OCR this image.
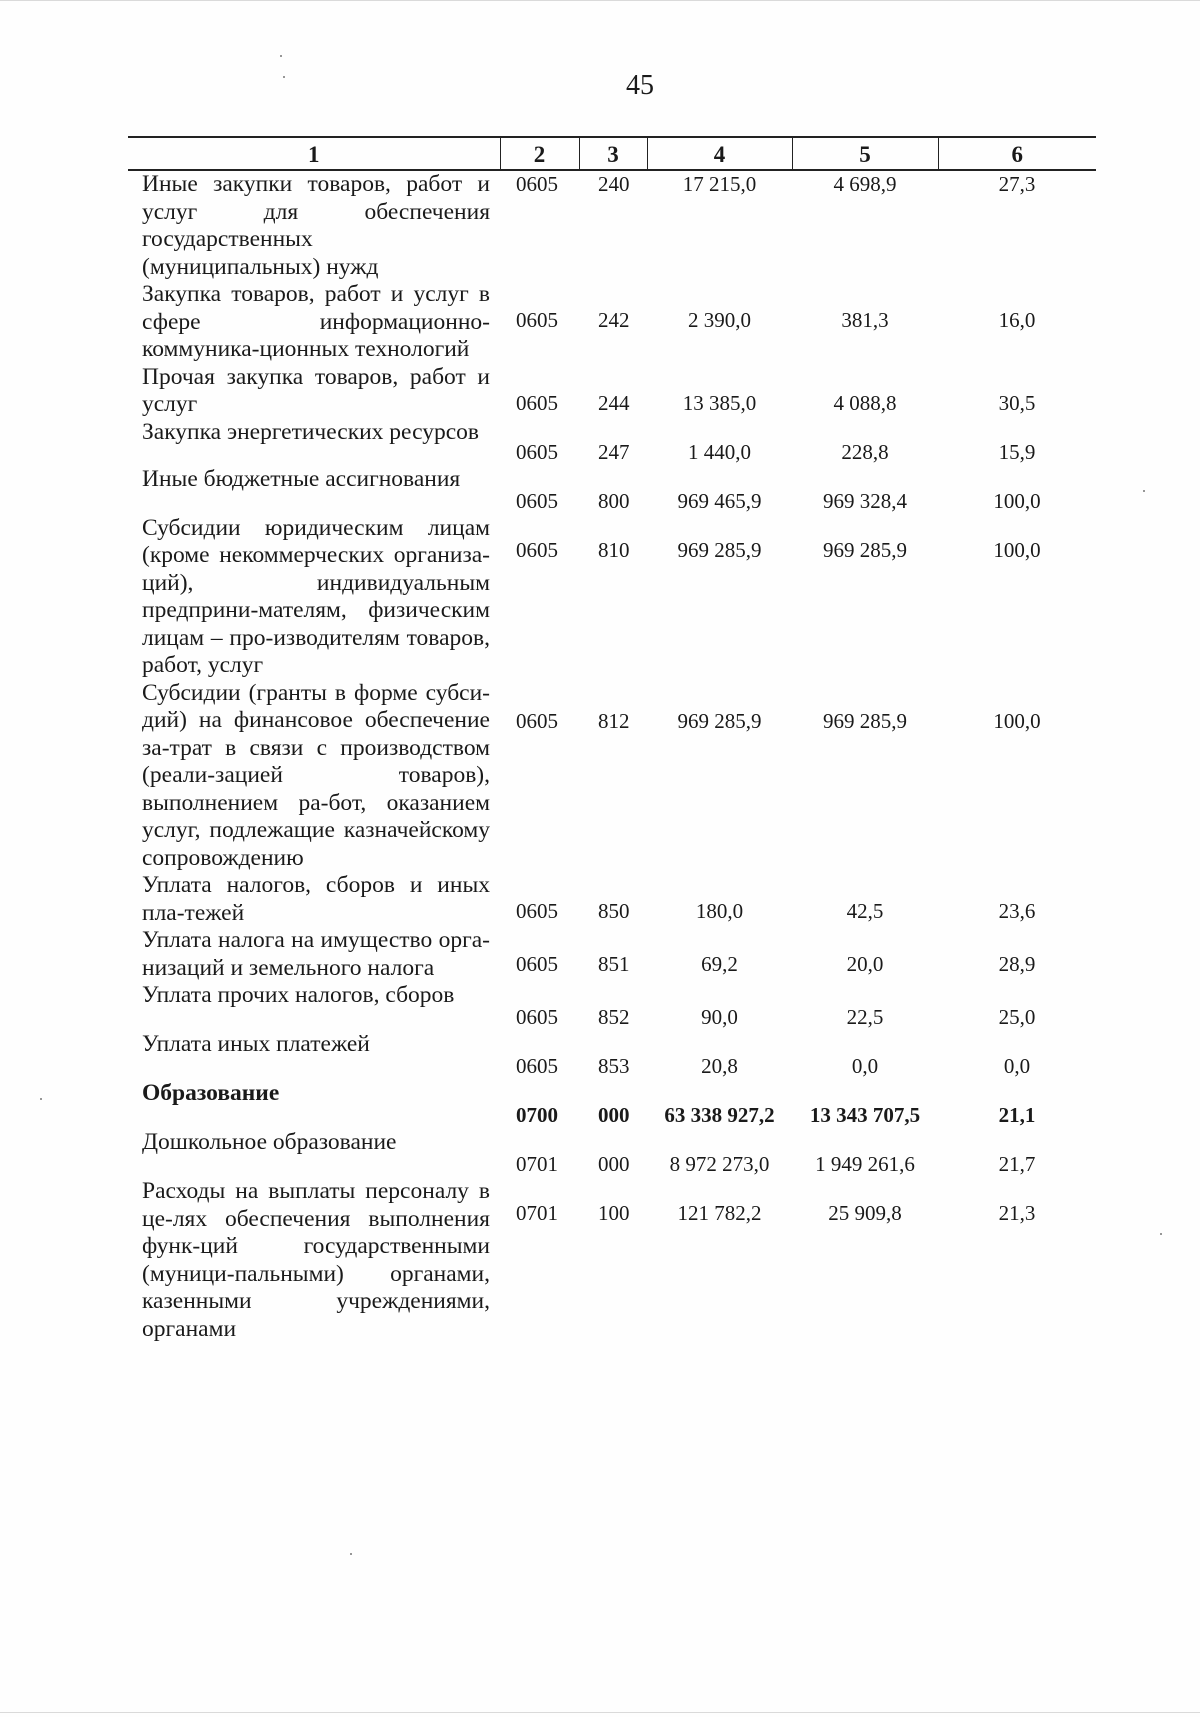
45
1	2	3	4	5	6
Иные закупки товаров, работ и услуг для обеспечения государственных (муниципальных) нужд	0605	240	17 215,0	4 698,9	27,3
Закупка товаров, работ и услуг в сфере информационно-коммуника-ционных технологий	0605	242	2 390,0	381,3	16,0
Прочая закупка товаров, работ и услуг	0605	244	13 385,0	4 088,8	30,5
Закупка энергетических ресурсов	0605	247	1 440,0	228,8	15,9
Иные бюджетные ассигнования	0605	800	969 465,9	969 328,4	100,0
Субсидии юридическим лицам (кроме некоммерческих организа-ций), индивидуальным предприни-мателям, физическим лицам – про-изводителям товаров, работ, услуг	0605	810	969 285,9	969 285,9	100,0
Субсидии (гранты в форме субси-дий) на финансовое обеспечение за-трат в связи с производством (реали-зацией товаров), выполнением ра-бот, оказанием услуг, подлежащие казначейскому сопровождению	0605	812	969 285,9	969 285,9	100,0
Уплата налогов, сборов и иных пла-тежей	0605	850	180,0	42,5	23,6
Уплата налога на имущество орга-низаций и земельного налога	0605	851	69,2	20,0	28,9
Уплата прочих налогов, сборов	0605	852	90,0	22,5	25,0
Уплата иных платежей	0605	853	20,8	0,0	0,0
Образование	0700	000	63 338 927,2	13 343 707,5	21,1
Дошкольное образование	0701	000	8 972 273,0	1 949 261,6	21,7
Расходы на выплаты персоналу в це-лях обеспечения выполнения функ-ций государственными (муници-пальными) органами, казенными учреждениями, органами	0701	100	121 782,2	25 909,8	21,3
